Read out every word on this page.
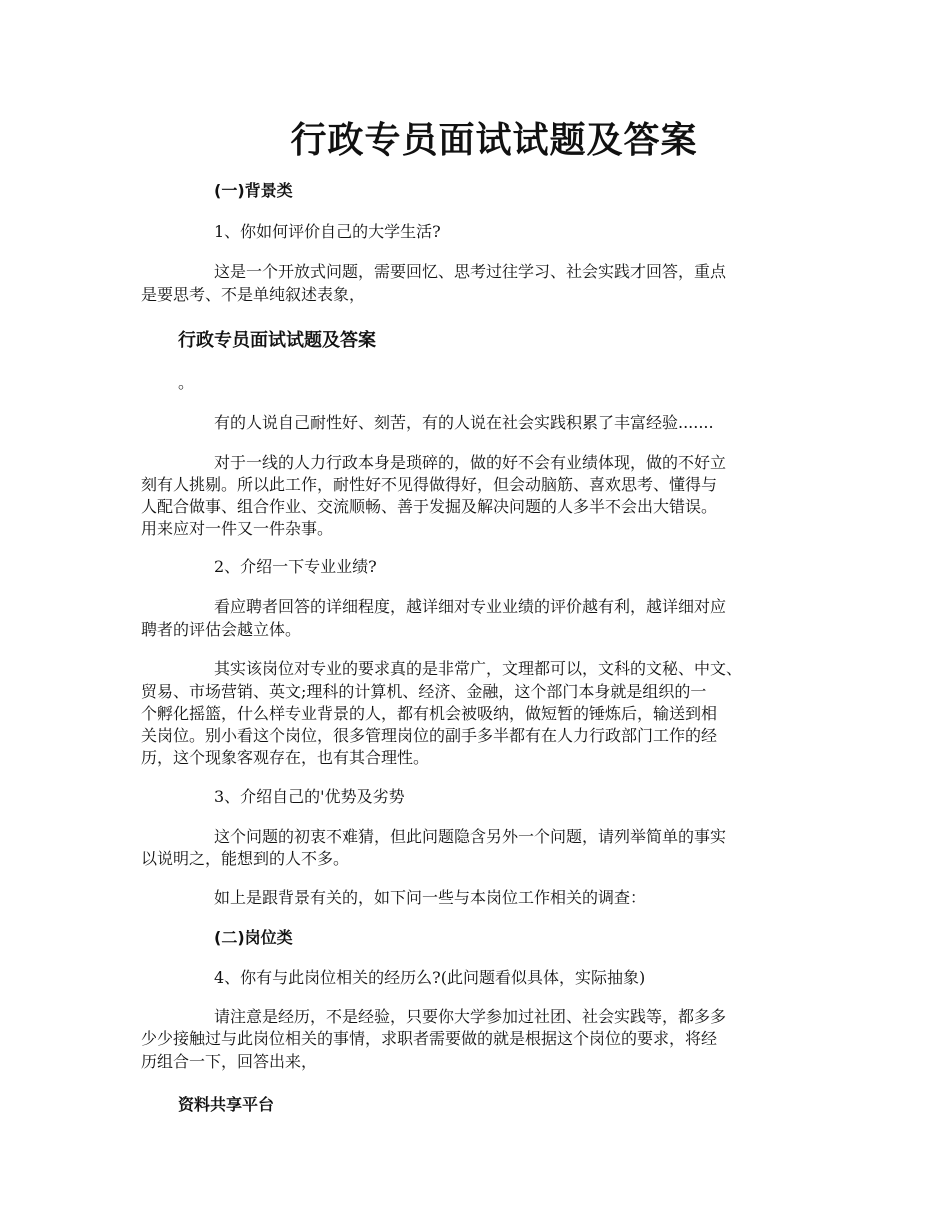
行政专员面试试题及答案

(一)背景类

1、你如何评价自己的大学生活?

这是一个开放式问题，需要回忆、思考过往学习、社会实践才回答，重点

是要思考、不是单纯叙述表象，

行政专员面试试题及答案

。

有的人说自己耐性好、刻苦，有的人说在社会实践积累了丰富经验.......

对于一线的人力行政本身是琐碎的，做的好不会有业绩体现，做的不好立

刻有人挑剔。所以此工作，耐性好不见得做得好，但会动脑筋、喜欢思考、懂得与

人配合做事、组合作业、交流顺畅、善于发掘及解决问题的人多半不会出大错误。

用来应对一件又一件杂事。

2、介绍一下专业业绩?

看应聘者回答的详细程度，越详细对专业业绩的评价越有利，越详细对应

聘者的评估会越立体。

其实该岗位对专业的要求真的是非常广，文理都可以，文科的文秘、中文、

贸易、市场营销、英文;理科的计算机、经济、金融，这个部门本身就是组织的一

个孵化摇篮，什么样专业背景的人，都有机会被吸纳，做短暂的锤炼后，输送到相

关岗位。别小看这个岗位，很多管理岗位的副手多半都有在人力行政部门工作的经

历，这个现象客观存在，也有其合理性。

3、介绍自己的'优势及劣势

这个问题的初衷不难猜，但此问题隐含另外一个问题，请列举简单的事实

以说明之，能想到的人不多。

如上是跟背景有关的，如下问一些与本岗位工作相关的调查：

(二)岗位类

4、你有与此岗位相关的经历么?(此问题看似具体，实际抽象)

请注意是经历，不是经验，只要你大学参加过社团、社会实践等，都多多

少少接触过与此岗位相关的事情，求职者需要做的就是根据这个岗位的要求，将经

历组合一下，回答出来，

资料共享平台
